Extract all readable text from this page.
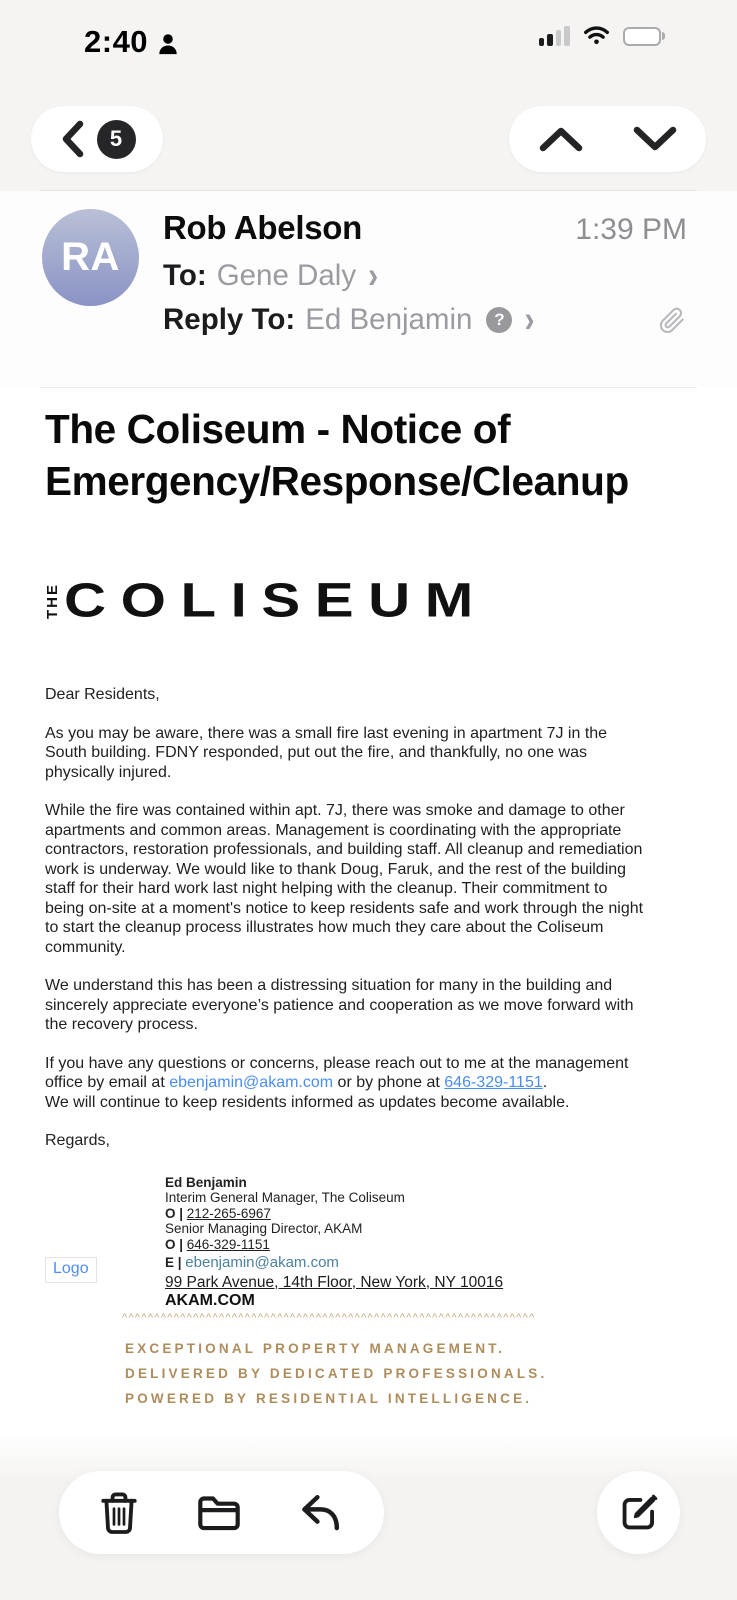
2:40
5
RA
Rob Abelson	1:39 PM
To: Gene Daly ›
Reply To: Ed Benjamin	? ›
The Coliseum - Notice of Emergency/Response/Cleanup
THE COLISEUM

Dear Residents,

As you may be aware, there was a small fire last evening in apartment 7J in the South building. FDNY responded, put out the fire, and thankfully, no one was physically injured.

While the fire was contained within apt. 7J, there was smoke and damage to other apartments and common areas. Management is coordinating with the appropriate contractors, restoration professionals, and building staff. All cleanup and remediation work is underway. We would like to thank Doug, Faruk, and the rest of the building staff for their hard work last night helping with the cleanup. Their commitment to being on-site at a moment's notice to keep residents safe and work through the night to start the cleanup process illustrates how much they care about the Coliseum community.

We understand this has been a distressing situation for many in the building and sincerely appreciate everyone’s patience and cooperation as we move forward with the recovery process.

If you have any questions or concerns, please reach out to me at the management office by email at ebenjamin@akam.com or by phone at 646-329-1151.
We will continue to keep residents informed as updates become available.

Regards,

Logo
Ed Benjamin
Interim General Manager, The Coliseum
O | 212-265-6967
Senior Managing Director, AKAM
O | 646-329-1151
E | ebenjamin@akam.com
99 Park Avenue, 14th Floor, New York, NY 10016
AKAM.COM
^^^^^^^^^^^^^^^^^^^^^^^^^^^^^^^^^^^^^^^^^^^^^^^^^^^^^^^^^^^^^^^^
EXCEPTIONAL PROPERTY MANAGEMENT.
DELIVERED BY DEDICATED PROFESSIONALS.
POWERED BY RESIDENTIAL INTELLIGENCE.
